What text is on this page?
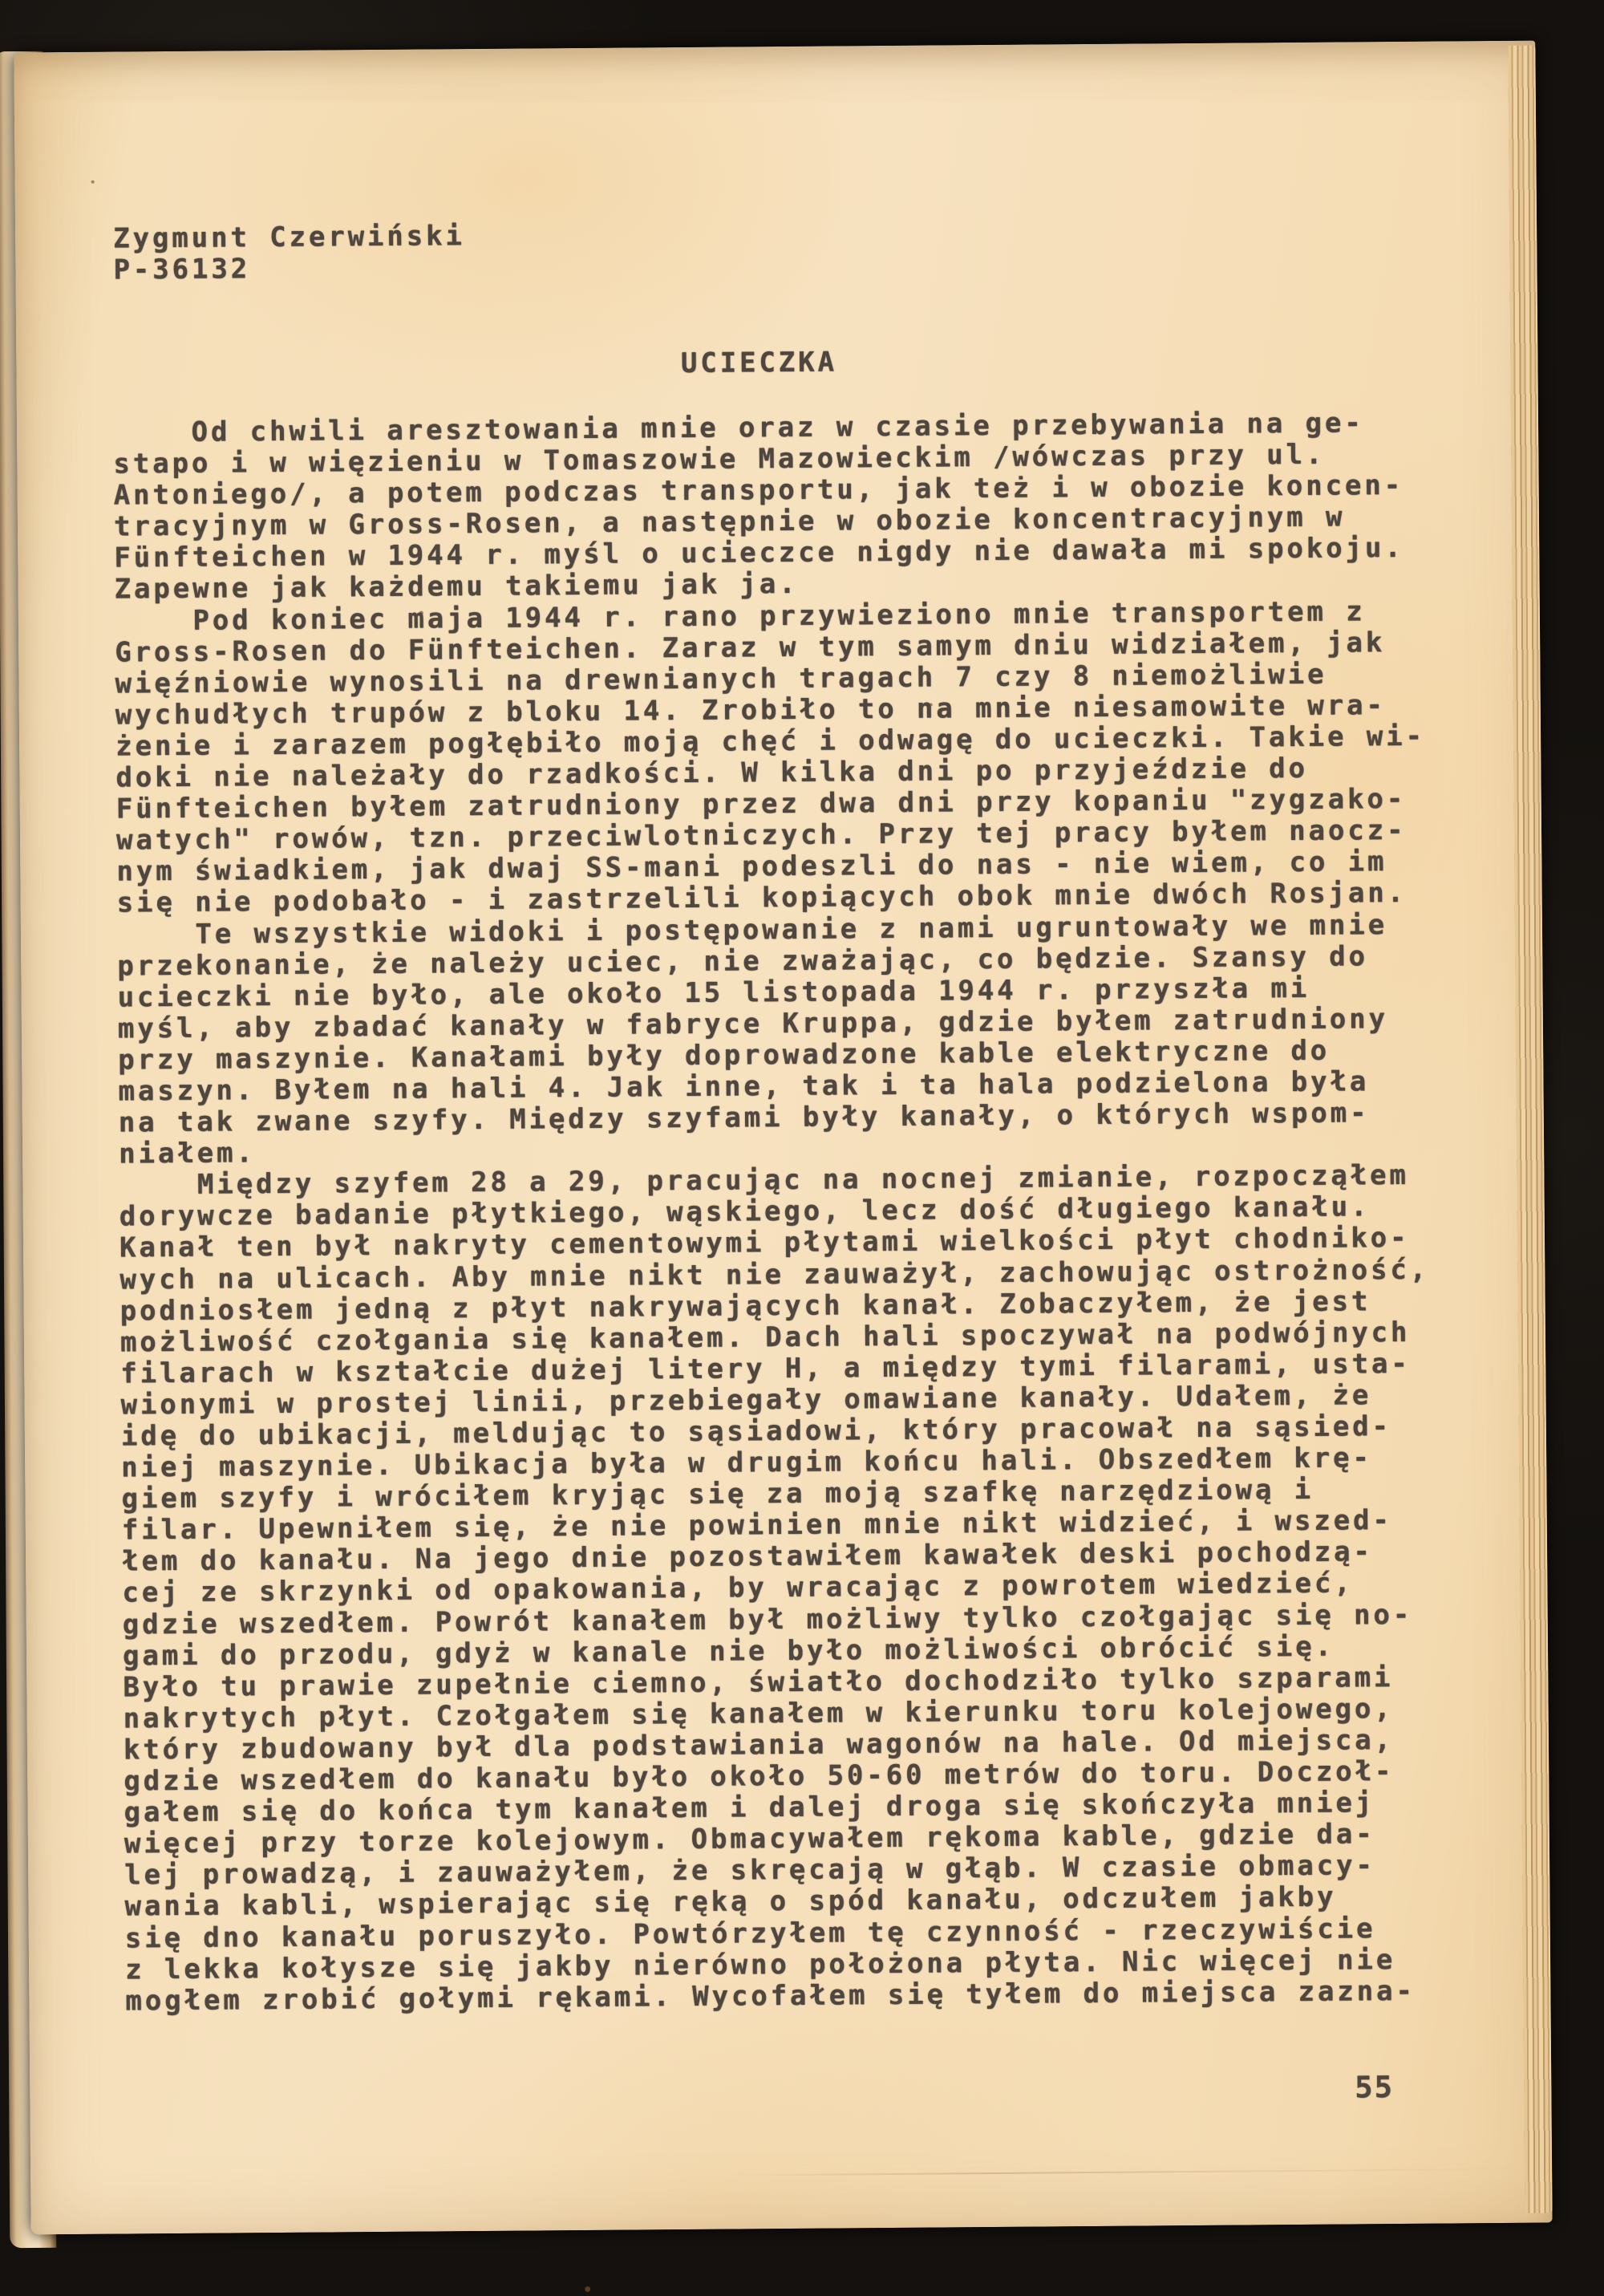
Zygmunt Czerwiński
P-36132
UCIECZKA
Od chwili aresztowania mnie oraz w czasie przebywania na ge-
stapo i w więzieniu w Tomaszowie Mazowieckim /wówczas przy ul.
Antoniego/, a potem podczas transportu, jak też i w obozie koncen-
tracyjnym w Gross-Rosen, a następnie w obozie koncentracyjnym w
Fünfteichen w 1944 r. myśl o ucieczce nigdy nie dawała mi spokoju.
Zapewne jak każdemu takiemu jak ja.
Pod koniec maja 1944 r. rano przywieziono mnie transportem z
Gross-Rosen do Fünfteichen. Zaraz w tym samym dniu widziałem, jak
więźniowie wynosili na drewnianych tragach 7 czy 8 niemożliwie
wychudłych trupów z bloku 14. Zrobiło to na mnie niesamowite wra-
żenie i zarazem pogłębiło moją chęć i odwagę do ucieczki. Takie wi-
doki nie należały do rzadkości. W kilka dni po przyjeździe do
Fünfteichen byłem zatrudniony przez dwa dni przy kopaniu "zygzako-
watych" rowów, tzn. przeciwlotniczych. Przy tej pracy byłem naocz-
nym świadkiem, jak dwaj SS-mani podeszli do nas - nie wiem, co im
się nie podobało - i zastrzelili kopiących obok mnie dwóch Rosjan.
Te wszystkie widoki i postępowanie z nami ugruntowały we mnie
przekonanie, że należy uciec, nie zważając, co będzie. Szansy do
ucieczki nie było, ale około 15 listopada 1944 r. przyszła mi
myśl, aby zbadać kanały w fabryce Kruppa, gdzie byłem zatrudniony
przy maszynie. Kanałami były doprowadzone kable elektryczne do
maszyn. Byłem na hali 4. Jak inne, tak i ta hala podzielona była
na tak zwane szyfy. Między szyfami były kanały, o których wspom-
niałem.
Między szyfem 28 a 29, pracując na nocnej zmianie, rozpocząłem
dorywcze badanie płytkiego, wąskiego, lecz dość długiego kanału.
Kanał ten był nakryty cementowymi płytami wielkości płyt chodniko-
wych na ulicach. Aby mnie nikt nie zauważył, zachowując ostrożność,
podniosłem jedną z płyt nakrywających kanał. Zobaczyłem, że jest
możliwość czołgania się kanałem. Dach hali spoczywał na podwójnych
filarach w kształcie dużej litery H, a między tymi filarami, usta-
wionymi w prostej linii, przebiegały omawiane kanały. Udałem, że
idę do ubikacji, meldując to sąsiadowi, który pracował na sąsied-
niej maszynie. Ubikacja była w drugim końcu hali. Obszedłem krę-
giem szyfy i wróciłem kryjąc się za moją szafkę narzędziową i
filar. Upewniłem się, że nie powinien mnie nikt widzieć, i wszed-
łem do kanału. Na jego dnie pozostawiłem kawałek deski pochodzą-
cej ze skrzynki od opakowania, by wracając z powrotem wiedzieć,
gdzie wszedłem. Powrót kanałem był możliwy tylko czołgając się no-
gami do przodu, gdyż w kanale nie było możliwości obrócić się.
Było tu prawie zupełnie ciemno, światło dochodziło tylko szparami
nakrytych płyt. Czołgałem się kanałem w kierunku toru kolejowego,
który zbudowany był dla podstawiania wagonów na hale. Od miejsca,
gdzie wszedłem do kanału było około 50-60 metrów do toru. Doczoł-
gałem się do końca tym kanałem i dalej droga się skończyła mniej
więcej przy torze kolejowym. Obmacywałem rękoma kable, gdzie da-
lej prowadzą, i zauważyłem, że skręcają w głąb. W czasie obmacy-
wania kabli, wspierając się ręką o spód kanału, odczułem jakby
się dno kanału poruszyło. Powtórzyłem tę czynność - rzeczywiście
z lekka kołysze się jakby nierówno położona płyta. Nic więcej nie
mogłem zrobić gołymi rękami. Wycofałem się tyłem do miejsca zazna-
55
